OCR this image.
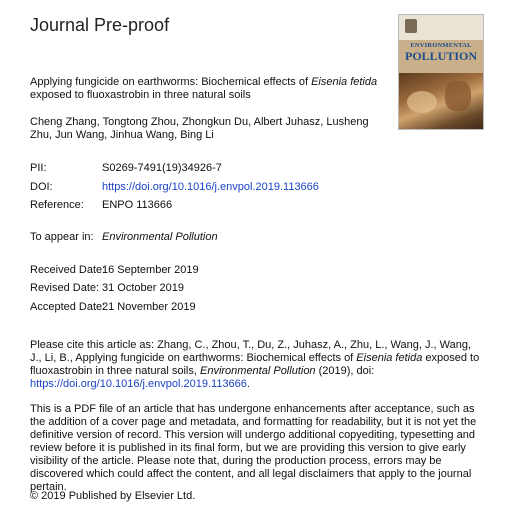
Journal Pre-proof
ENVIRONMENTAL
POLLUTION
Applying fungicide on earthworms: Biochemical effects of Eisenia fetida exposed to fluoxastrobin in three natural soils
Cheng Zhang, Tongtong Zhou, Zhongkun Du, Albert Juhasz, Lusheng Zhu, Jun Wang, Jinhua Wang, Bing Li
PII:	S0269-7491(19)34926-7
DOI:	https://doi.org/10.1016/j.envpol.2019.113666
Reference: ENPO 113666
To appear in: Environmental Pollution
Received Date:
16 September 2019
Revised Date: 31 October 2019
Accepted Date:
21 November 2019
Please cite this article as: Zhang, C., Zhou, T., Du, Z., Juhasz, A., Zhu, L., Wang, J., Wang, J., Li, B., Applying fungicide on earthworms: Biochemical effects of Eisenia fetida exposed to fluoxastrobin in three natural soils, Environmental Pollution (2019), doi: https://doi.org/10.1016/j.envpol.2019.113666.
This is a PDF file of an article that has undergone enhancements after acceptance, such as the addition of a cover page and metadata, and formatting for readability, but it is not yet the definitive version of record. This version will undergo additional copyediting, typesetting and review before it is published in its final form, but we are providing this version to give early visibility of the article. Please note that, during the production process, errors may be discovered which could affect the content, and all legal disclaimers that apply to the journal pertain.
© 2019 Published by Elsevier Ltd.
